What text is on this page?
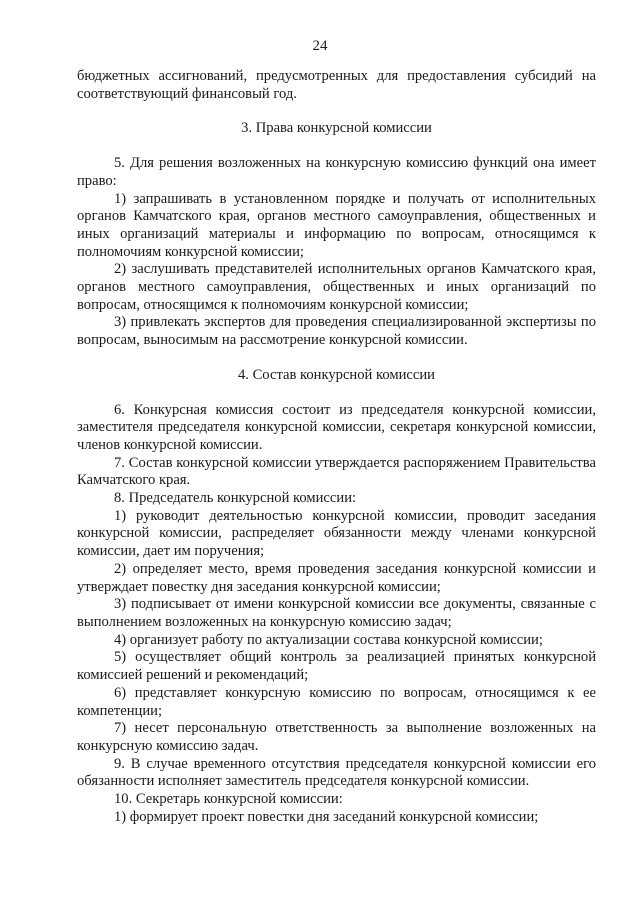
24

бюджетных ассигнований, предусмотренных для предоставления субсидий на соответствующий финансовый год.

3. Права конкурсной комиссии

5. Для решения возложенных на конкурсную комиссию функций она имеет право:

1) запрашивать в установленном порядке и получать от исполнительных органов Камчатского края, органов местного самоуправления, общественных и иных организаций материалы и информацию по вопросам, относящимся к полномочиям конкурсной комиссии;

2) заслушивать представителей исполнительных органов Камчатского края, органов местного самоуправления, общественных и иных организаций по вопросам, относящимся к полномочиям конкурсной комиссии;

3) привлекать экспертов для проведения специализированной экспертизы по вопросам, выносимым на рассмотрение конкурсной комиссии.

4. Состав конкурсной комиссии

6. Конкурсная комиссия состоит из председателя конкурсной комиссии, заместителя председателя конкурсной комиссии, секретаря конкурсной комиссии, членов конкурсной комиссии.

7. Состав конкурсной комиссии утверждается распоряжением Правительства Камчатского края.

8. Председатель конкурсной комиссии:

1) руководит деятельностью конкурсной комиссии, проводит заседания конкурсной комиссии, распределяет обязанности между членами конкурсной комиссии, дает им поручения;

2) определяет место, время проведения заседания конкурсной комиссии и утверждает повестку дня заседания конкурсной комиссии;

3) подписывает от имени конкурсной комиссии все документы, связанные с выполнением возложенных на конкурсную комиссию задач;

4) организует работу по актуализации состава конкурсной комиссии;

5) осуществляет общий контроль за реализацией принятых конкурсной комиссией решений и рекомендаций;

6) представляет конкурсную комиссию по вопросам, относящимся к ее компетенции;

7) несет персональную ответственность за выполнение возложенных на конкурсную комиссию задач.

9. В случае временного отсутствия председателя конкурсной комиссии его обязанности исполняет заместитель председателя конкурсной комиссии.

10. Секретарь конкурсной комиссии:

1) формирует проект повестки дня заседаний конкурсной комиссии;
